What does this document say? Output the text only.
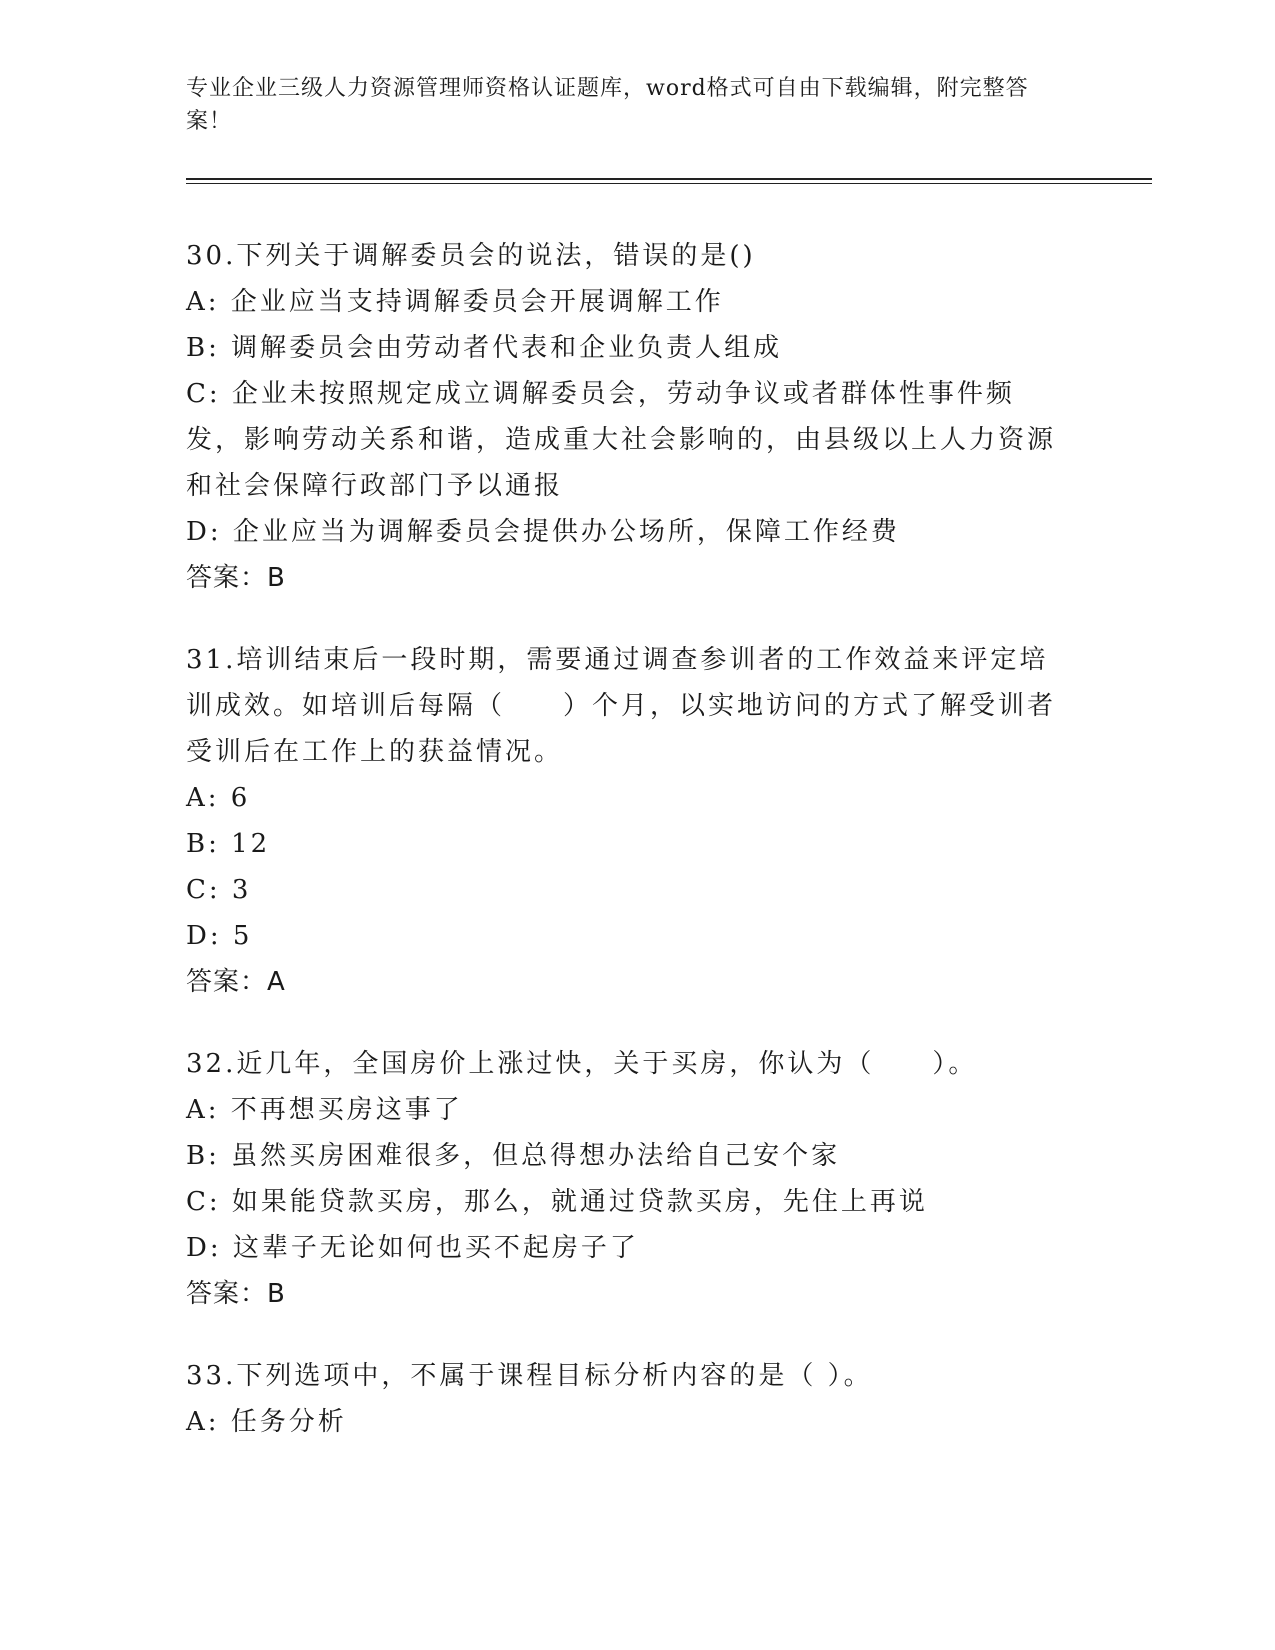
专业企业三级人力资源管理师资格认证题库，word格式可自由下载编辑，附完整答案！
30.下列关于调解委员会的说法，错误的是()
A: 企业应当支持调解委员会开展调解工作
B: 调解委员会由劳动者代表和企业负责人组成
C: 企业未按照规定成立调解委员会，劳动争议或者群体性事件频发，影响劳动关系和谐，造成重大社会影响的，由县级以上人力资源和社会保障行政部门予以通报
D: 企业应当为调解委员会提供办公场所，保障工作经费
答案：B
31.培训结束后一段时期，需要通过调查参训者的工作效益来评定培训成效。如培训后每隔（　　）个月，以实地访问的方式了解受训者受训后在工作上的获益情况。
A: 6
B: 12
C: 3
D: 5
答案：A
32.近几年，全国房价上涨过快，关于买房，你认为（　　）。
A: 不再想买房这事了
B: 虽然买房困难很多，但总得想办法给自己安个家
C: 如果能贷款买房，那么，就通过贷款买房，先住上再说
D: 这辈子无论如何也买不起房子了
答案：B
33.下列选项中，不属于课程目标分析内容的是（ ）。
A: 任务分析
